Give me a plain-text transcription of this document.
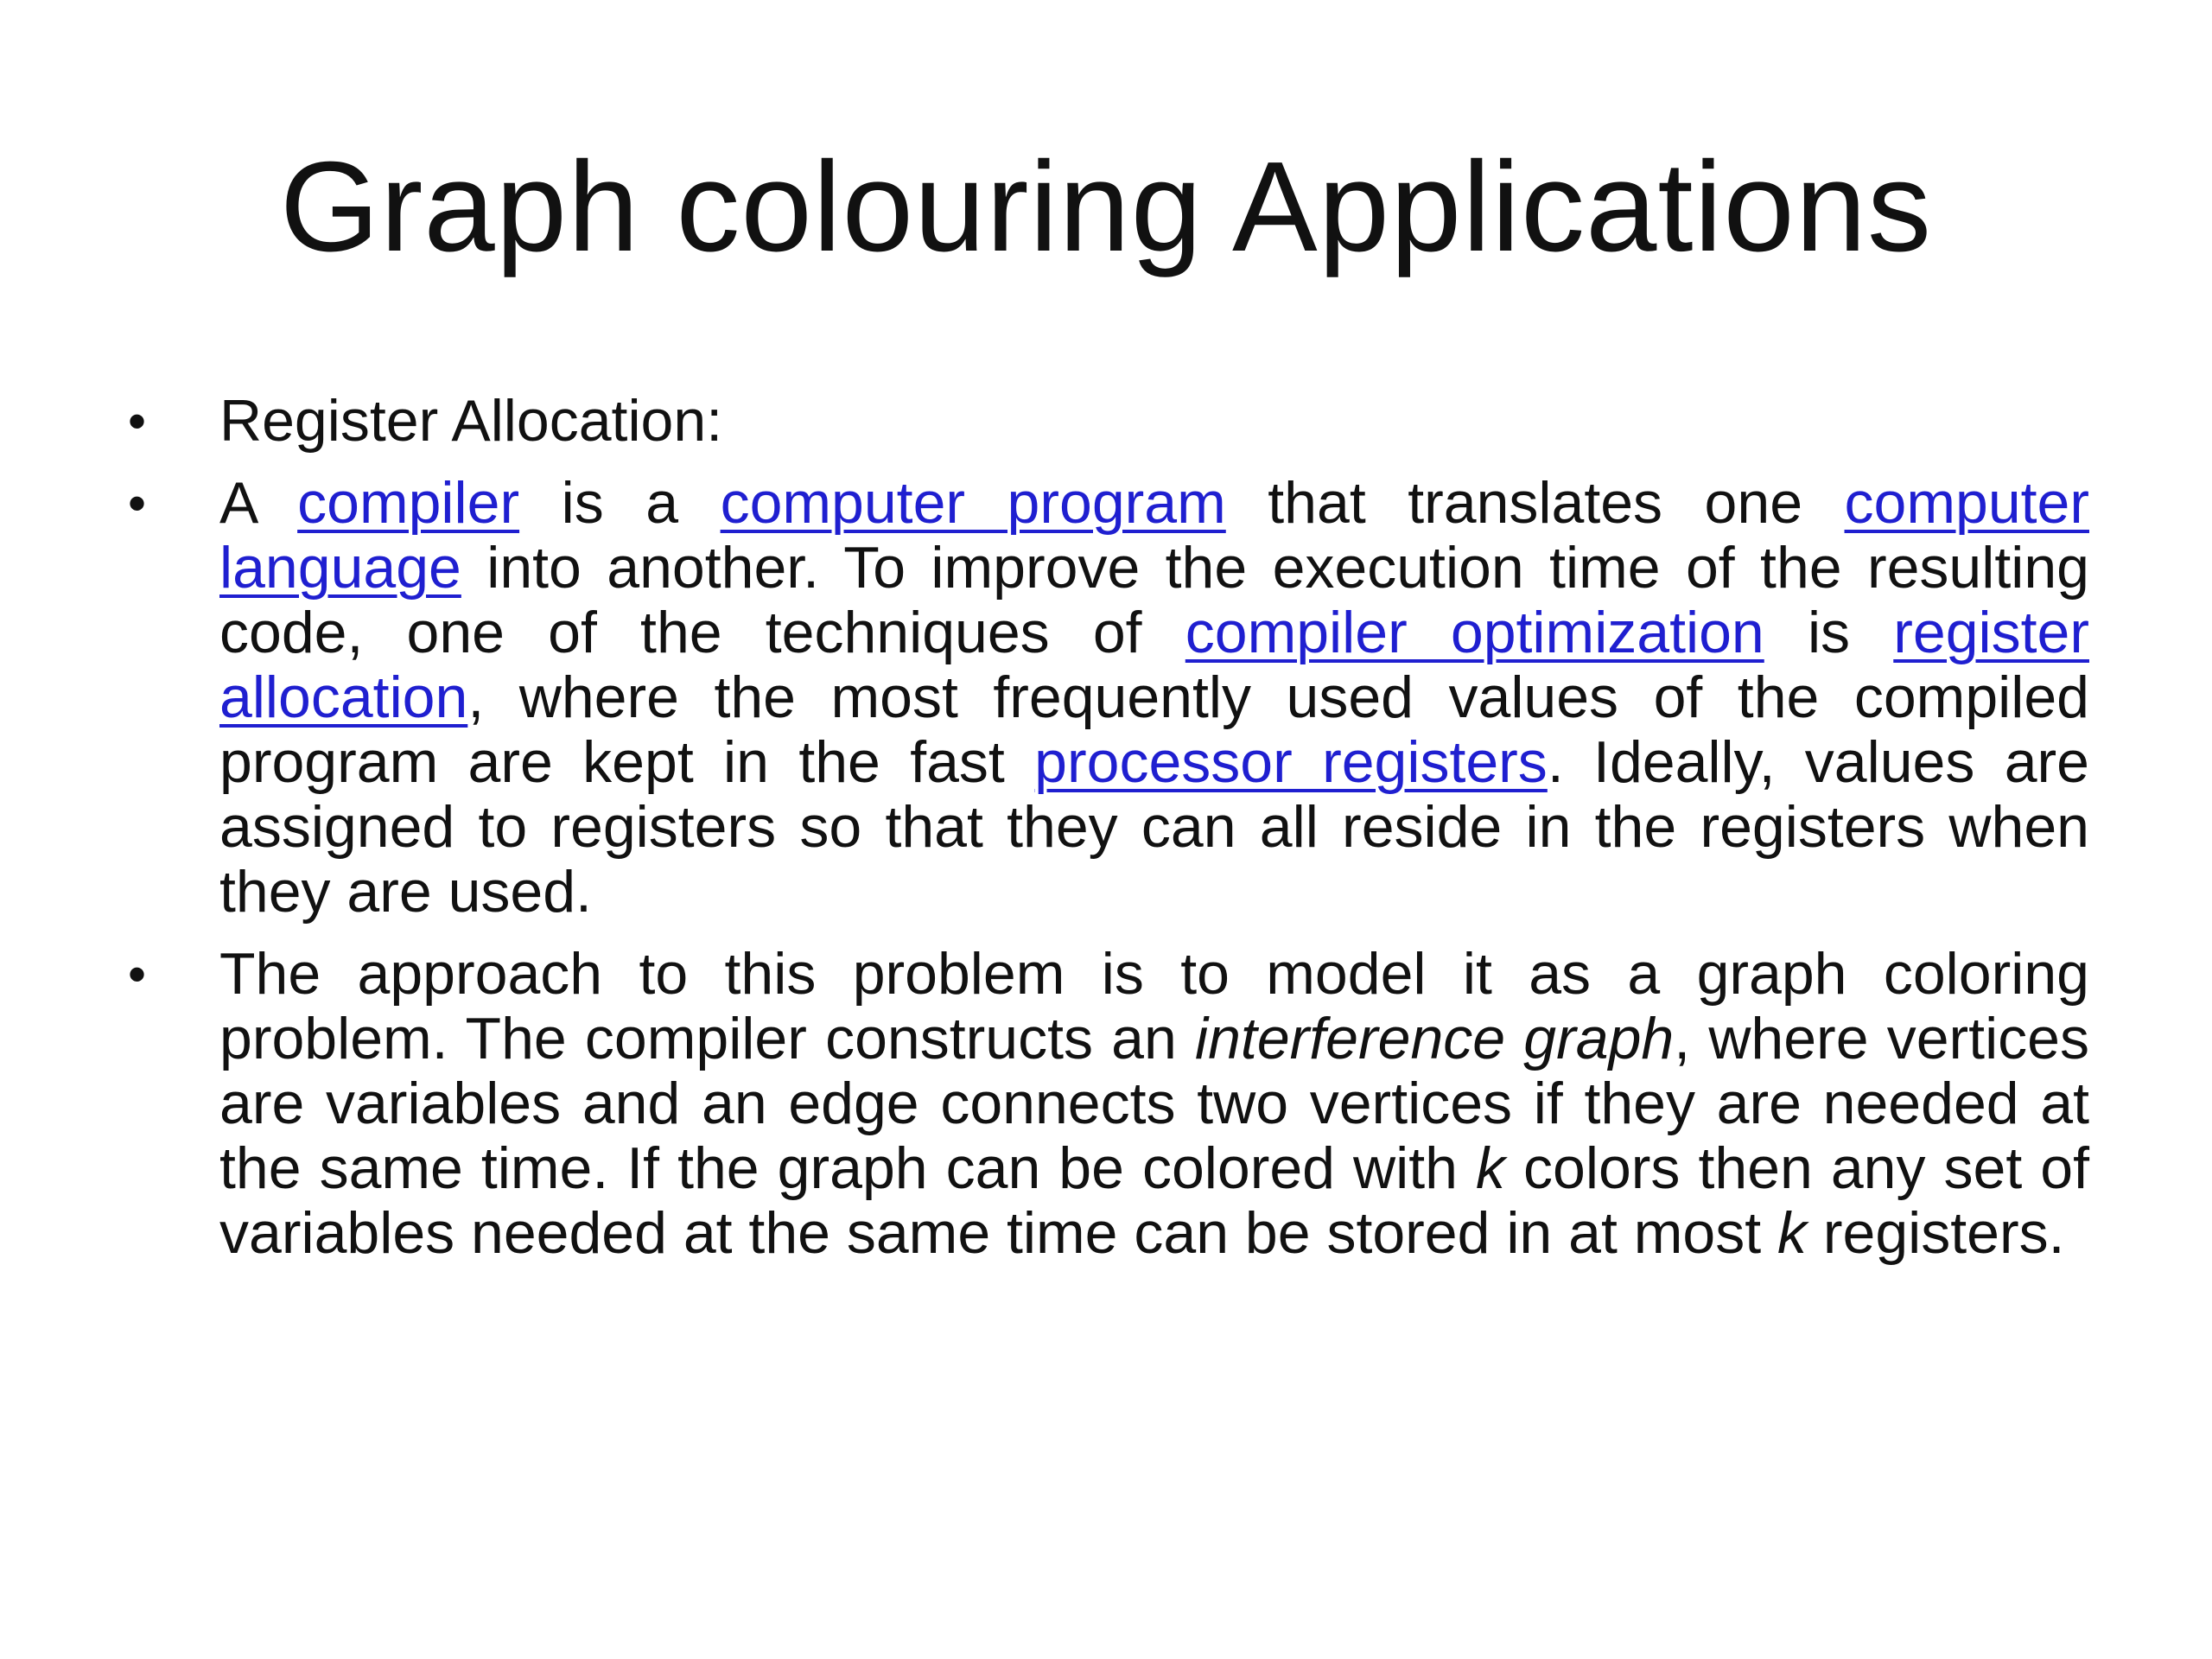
Graph colouring Applications
•	Register Allocation:
•	A compiler is a computer program that translates one computer language into another. To improve the execution time of the resulting code, one of the techniques of compiler optimization is register allocation, where the most frequently used values of the compiled program are kept in the fast processor registers. Ideally, values are assigned to registers so that they can all reside in the registers when they are used.
•	The approach to this problem is to model it as a graph coloring problem. The compiler constructs an interference graph, where vertices are variables and an edge connects two vertices if they are needed at the same time. If the graph can be colored with k colors then any set of variables needed at the same time can be stored in at most k registers.
